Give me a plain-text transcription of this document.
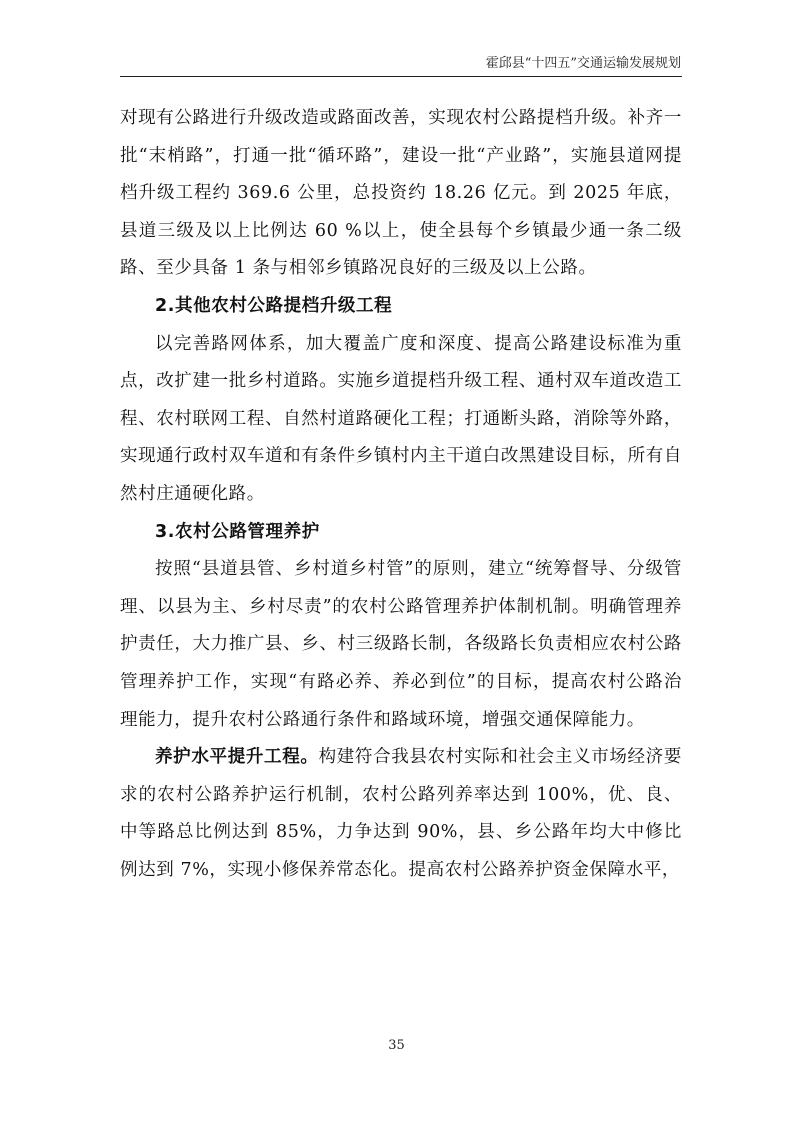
霍邱县“十四五”交通运输发展规划

对现有公路进行升级改造或路面改善，实现农村公路提档升级。补齐一批“末梢路”，打通一批“循环路”，建设一批“产业路”，实施县道网提档升级工程约 369.6 公里，总投资约 18.26 亿元。到 2025 年底，县道三级及以上比例达 60 %以上，使全县每个乡镇最少通一条二级路、至少具备 1 条与相邻乡镇路况良好的三级及以上公路。

2.其他农村公路提档升级工程

以完善路网体系，加大覆盖广度和深度、提高公路建设标准为重点，改扩建一批乡村道路。实施乡道提档升级工程、通村双车道改造工程、农村联网工程、自然村道路硬化工程；打通断头路，消除等外路，实现通行政村双车道和有条件乡镇村内主干道白改黑建设目标，所有自然村庄通硬化路。

3.农村公路管理养护

按照“县道县管、乡村道乡村管”的原则，建立“统筹督导、分级管理、以县为主、乡村尽责”的农村公路管理养护体制机制。明确管理养护责任，大力推广县、乡、村三级路长制，各级路长负责相应农村公路管理养护工作，实现“有路必养、养必到位”的目标，提高农村公路治理能力，提升农村公路通行条件和路域环境，增强交通保障能力。

养护水平提升工程。构建符合我县农村实际和社会主义市场经济要求的农村公路养护运行机制，农村公路列养率达到 100%，优、良、中等路总比例达到 85%，力争达到 90%，县、乡公路年均大中修比例达到 7%，实现小修保养常态化。提高农村公路养护资金保障水平，

35
